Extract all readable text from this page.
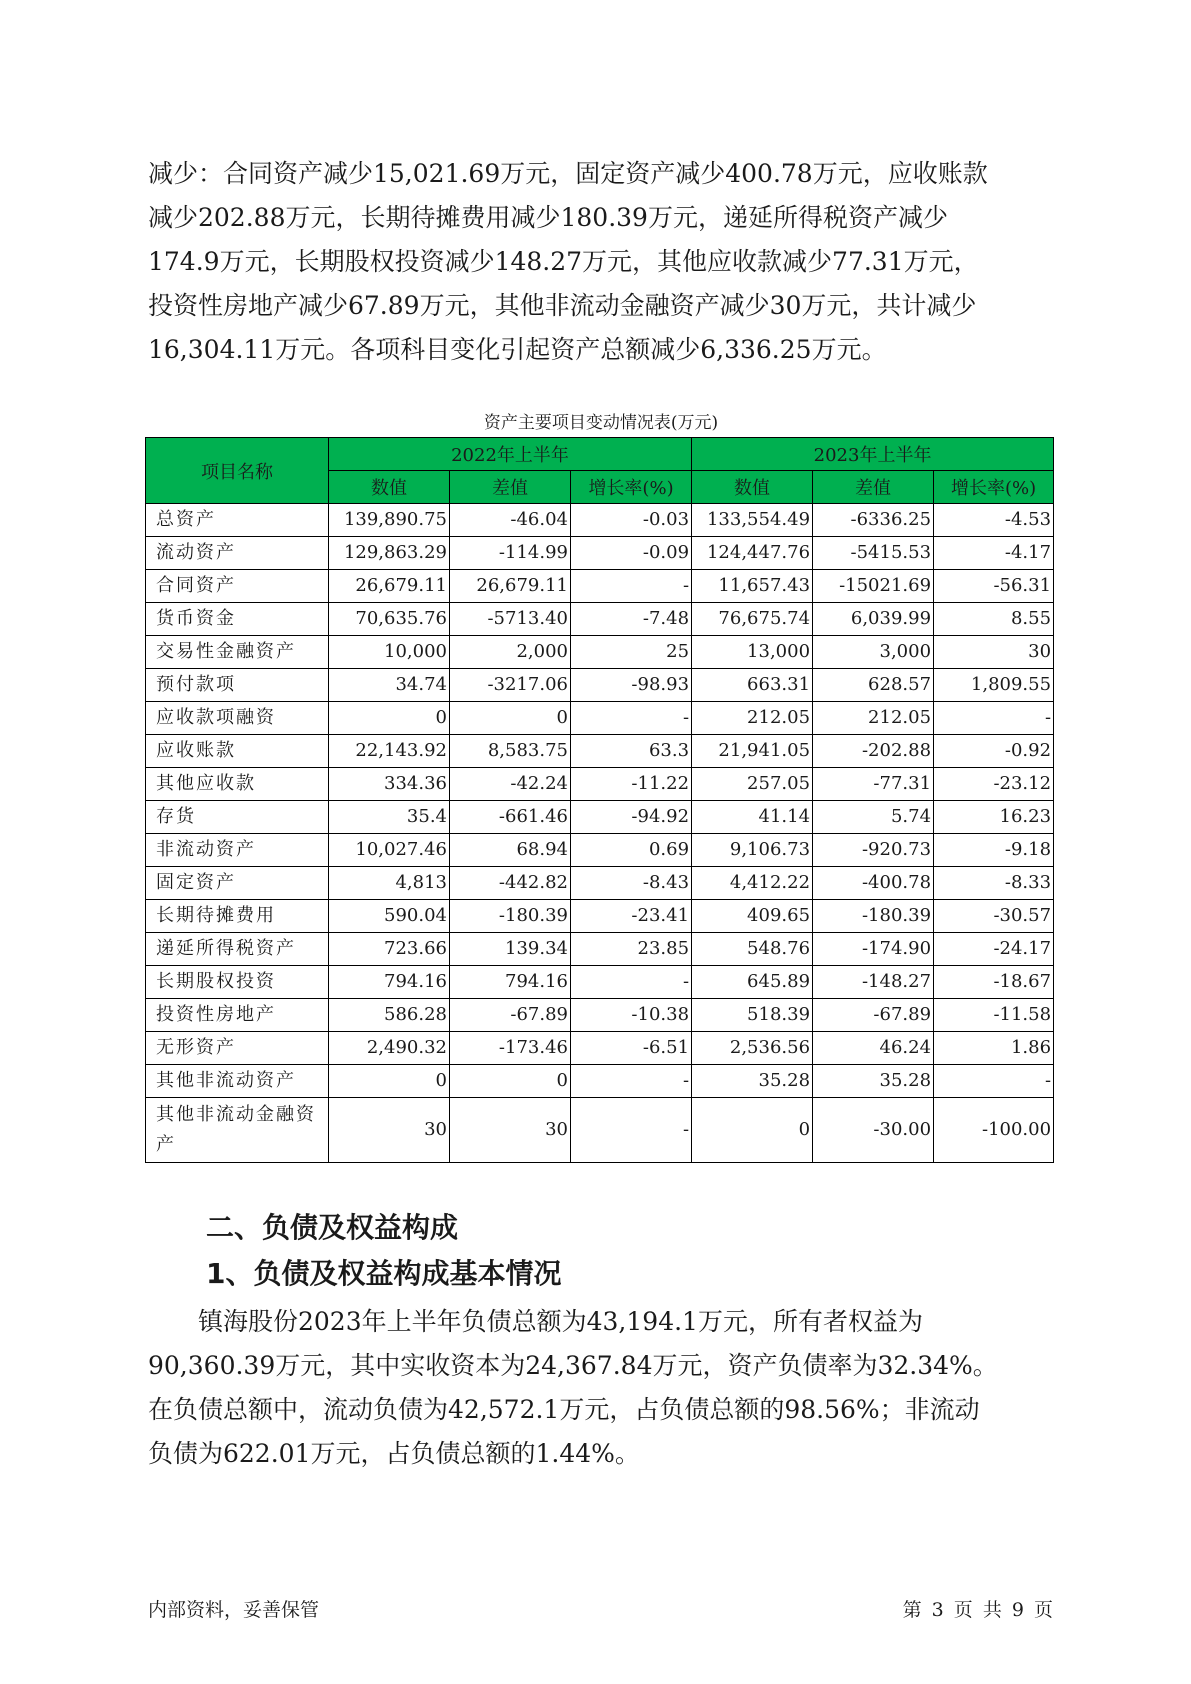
减少：合同资产减少15,021.69万元，固定资产减少400.78万元，应收账款
减少202.88万元，长期待摊费用减少180.39万元，递延所得税资产减少
174.9万元，长期股权投资减少148.27万元，其他应收款减少77.31万元，
投资性房地产减少67.89万元，其他非流动金融资产减少30万元，共计减少
16,304.11万元。各项科目变化引起资产总额减少6,336.25万元。

资产主要项目变动情况表(万元)
项目名称	2022年上半年			2023年上半年		
	数值	差值	增长率(%)	数值	差值	增长率(%)
总资产	139,890.75	-46.04	-0.03	133,554.49	-6336.25	-4.53
流动资产	129,863.29	-114.99	-0.09	124,447.76	-5415.53	-4.17
合同资产	26,679.11	26,679.11	-	11,657.43	-15021.69	-56.31
货币资金	70,635.76	-5713.40	-7.48	76,675.74	6,039.99	8.55
交易性金融资产	10,000	2,000	25	13,000	3,000	30
预付款项	34.74	-3217.06	-98.93	663.31	628.57	1,809.55
应收款项融资	0	0	-	212.05	212.05	-
应收账款	22,143.92	8,583.75	63.3	21,941.05	-202.88	-0.92
其他应收款	334.36	-42.24	-11.22	257.05	-77.31	-23.12
存货	35.4	-661.46	-94.92	41.14	5.74	16.23
非流动资产	10,027.46	68.94	0.69	9,106.73	-920.73	-9.18
固定资产	4,813	-442.82	-8.43	4,412.22	-400.78	-8.33
长期待摊费用	590.04	-180.39	-23.41	409.65	-180.39	-30.57
递延所得税资产	723.66	139.34	23.85	548.76	-174.90	-24.17
长期股权投资	794.16	794.16	-	645.89	-148.27	-18.67
投资性房地产	586.28	-67.89	-10.38	518.39	-67.89	-11.58
无形资产	2,490.32	-173.46	-6.51	2,536.56	46.24	1.86
其他非流动资产	0	0	-	35.28	35.28	-
其他非流动金融资产	30	30	-	0	-30.00	-100.00
二、负债及权益构成
1、负债及权益构成基本情况

镇海股份2023年上半年负债总额为43,194.1万元，所有者权益为
90,360.39万元，其中实收资本为24,367.84万元，资产负债率为32.34%。
在负债总额中，流动负债为42,572.1万元，占负债总额的98.56%；非流动
负债为622.01万元，占负债总额的1.44%。

内部资料，妥善保管	第 3 页 共 9 页
